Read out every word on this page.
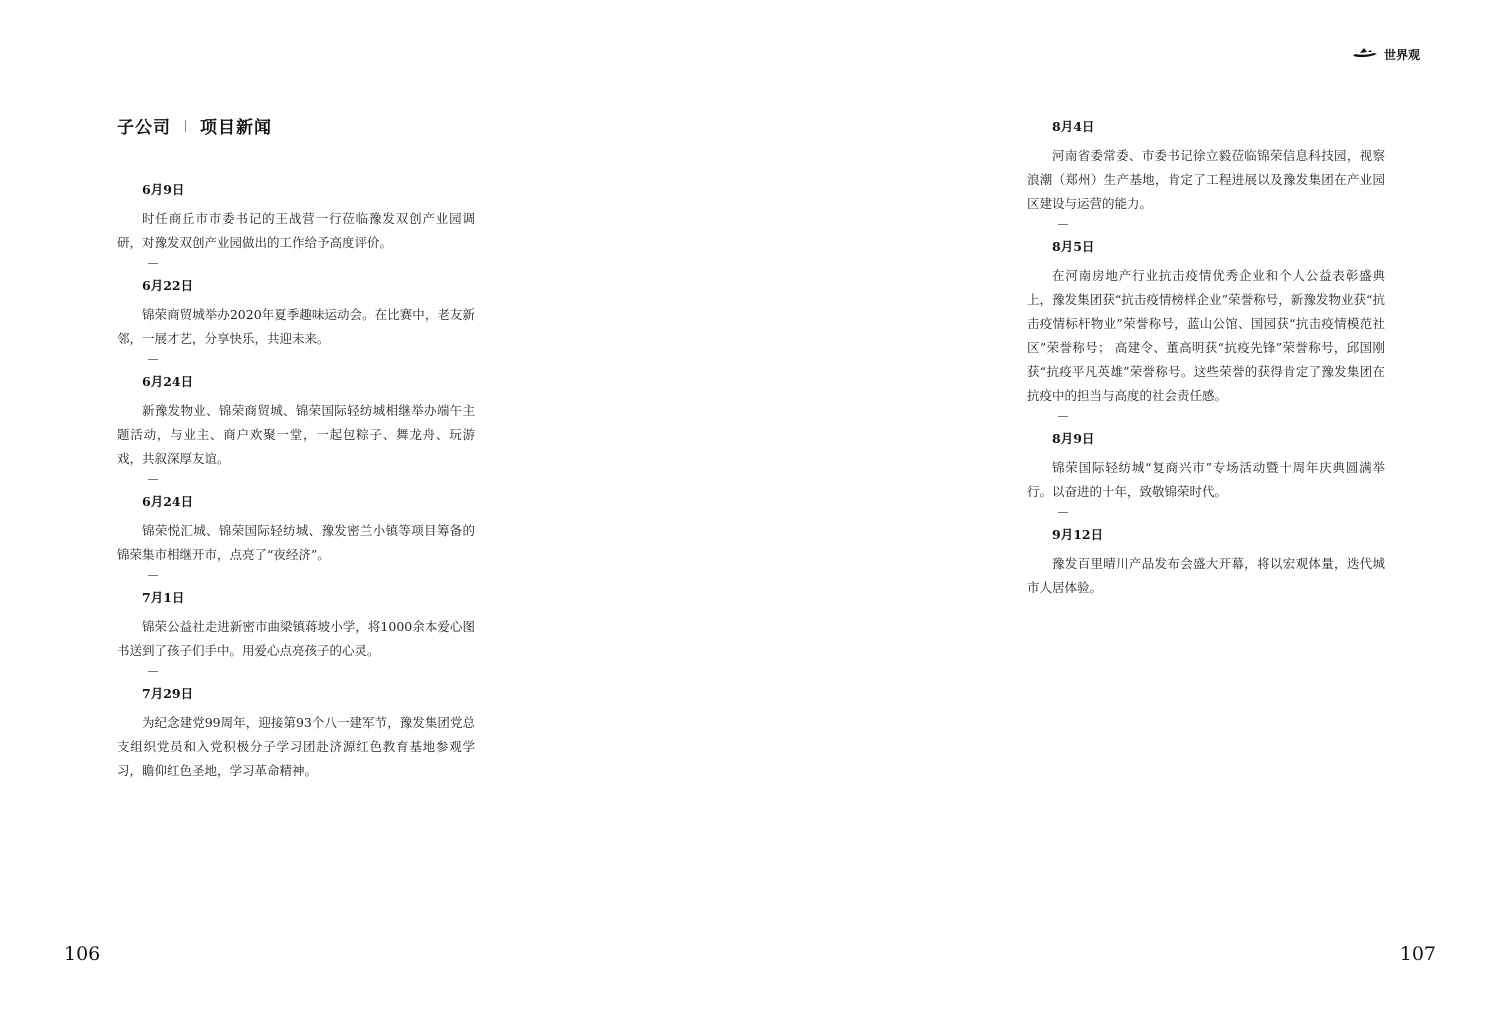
子公司 项目新闻
6月9日

时任商丘市市委书记的王战营一行莅临豫发双创产业园调研，对豫发双创产业园做出的工作给予高度评价。

6月22日

锦荣商贸城举办2020年夏季趣味运动会。在比赛中，老友新邻，一展才艺，分享快乐，共迎未来。

6月24日

新豫发物业、锦荣商贸城、锦荣国际轻纺城相继举办端午主题活动，与业主、商户欢聚一堂，一起包粽子、舞龙舟、玩游戏，共叙深厚友谊。

6月24日

锦荣悦汇城、锦荣国际轻纺城、豫发密兰小镇等项目筹备的锦荣集市相继开市，点亮了“夜经济”。

7月1日

锦荣公益社走进新密市曲梁镇蒋坡小学，将1000余本爱心图书送到了孩子们手中。用爱心点亮孩子的心灵。

7月29日

为纪念建党99周年，迎接第93个八一建军节，豫发集团党总支组织党员和入党积极分子学习团赴济源红色教育基地参观学习，瞻仰红色圣地，学习革命精神。

106
世界观
8月4日

河南省委常委、市委书记徐立毅莅临锦荣信息科技园，视察浪潮（郑州）生产基地，肯定了工程进展以及豫发集团在产业园区建设与运营的能力。

8月5日

在河南房地产行业抗击疫情优秀企业和个人公益表彰盛典上，豫发集团获“抗击疫情榜样企业”荣誉称号，新豫发物业获“抗击疫情标杆物业”荣誉称号，蓝山公馆、国园获“抗击疫情模范社区”荣誉称号； 高建令、董高明获“抗疫先锋”荣誉称号，邱国刚获“抗疫平凡英雄”荣誉称号。这些荣誉的获得肯定了豫发集团在抗疫中的担当与高度的社会责任感。

8月9日

锦荣国际轻纺城“复商兴市”专场活动暨十周年庆典圆满举行。以奋进的十年，致敬锦荣时代。

9月12日

豫发百里晴川产品发布会盛大开幕，将以宏观体量，迭代城市人居体验。

107
